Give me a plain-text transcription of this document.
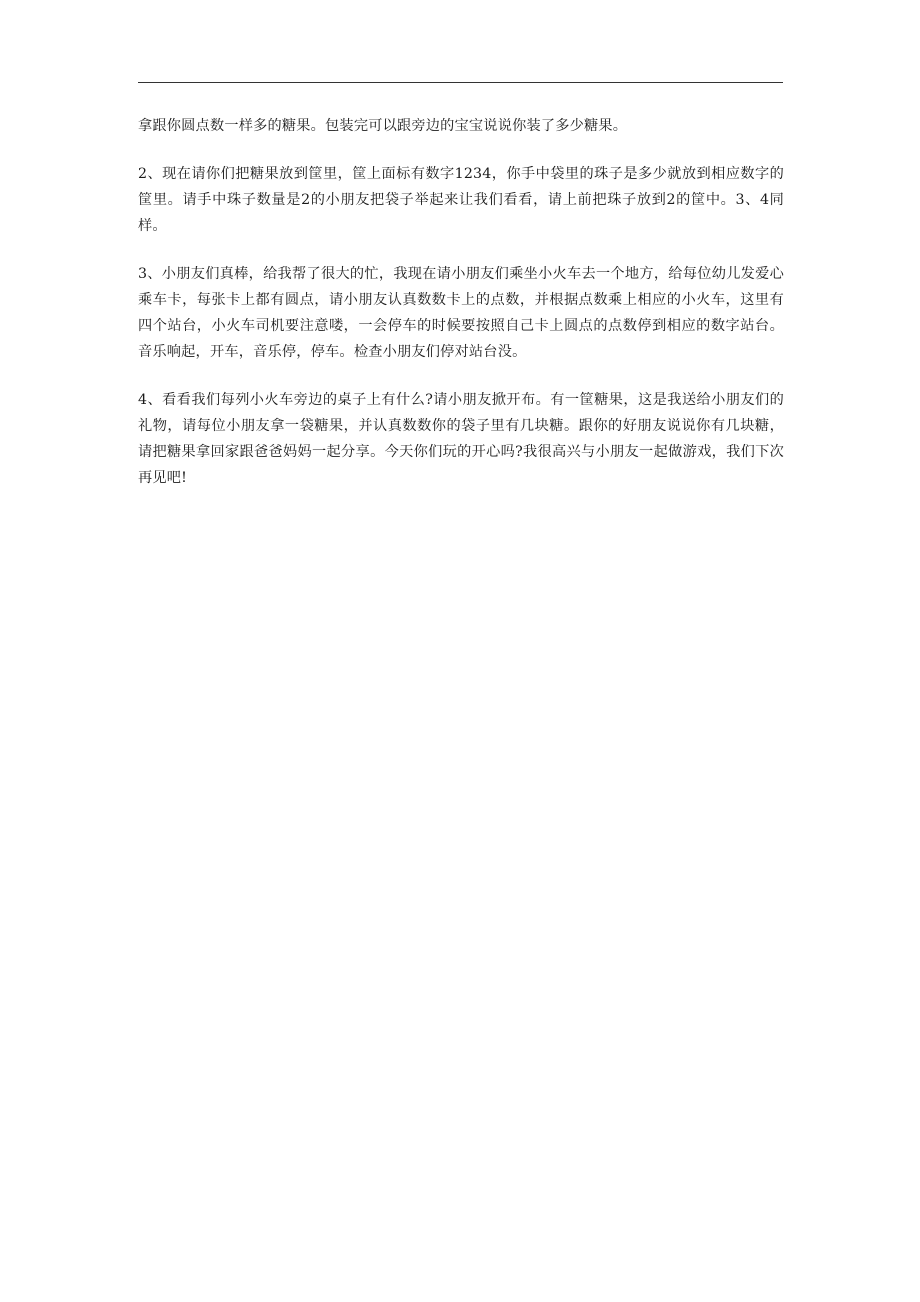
拿跟你圆点数一样多的糖果。包装完可以跟旁边的宝宝说说你装了多少糖果。

2、现在请你们把糖果放到筐里，筐上面标有数字1234，你手中袋里的珠子是多少就放到相应数字的筐里。请手中珠子数量是2的小朋友把袋子举起来让我们看看，请上前把珠子放到2的筐中。3、4同样。

3、小朋友们真棒，给我帮了很大的忙，我现在请小朋友们乘坐小火车去一个地方，给每位幼儿发爱心乘车卡，每张卡上都有圆点，请小朋友认真数数卡上的点数，并根据点数乘上相应的小火车，这里有四个站台，小火车司机要注意喽，一会停车的时候要按照自己卡上圆点的点数停到相应的数字站台。音乐响起，开车，音乐停，停车。检查小朋友们停对站台没。

4、看看我们每列小火车旁边的桌子上有什么?请小朋友掀开布。有一筐糖果，这是我送给小朋友们的礼物，请每位小朋友拿一袋糖果，并认真数数你的袋子里有几块糖。跟你的好朋友说说你有几块糖，请把糖果拿回家跟爸爸妈妈一起分享。今天你们玩的开心吗?我很高兴与小朋友一起做游戏，我们下次再见吧!
